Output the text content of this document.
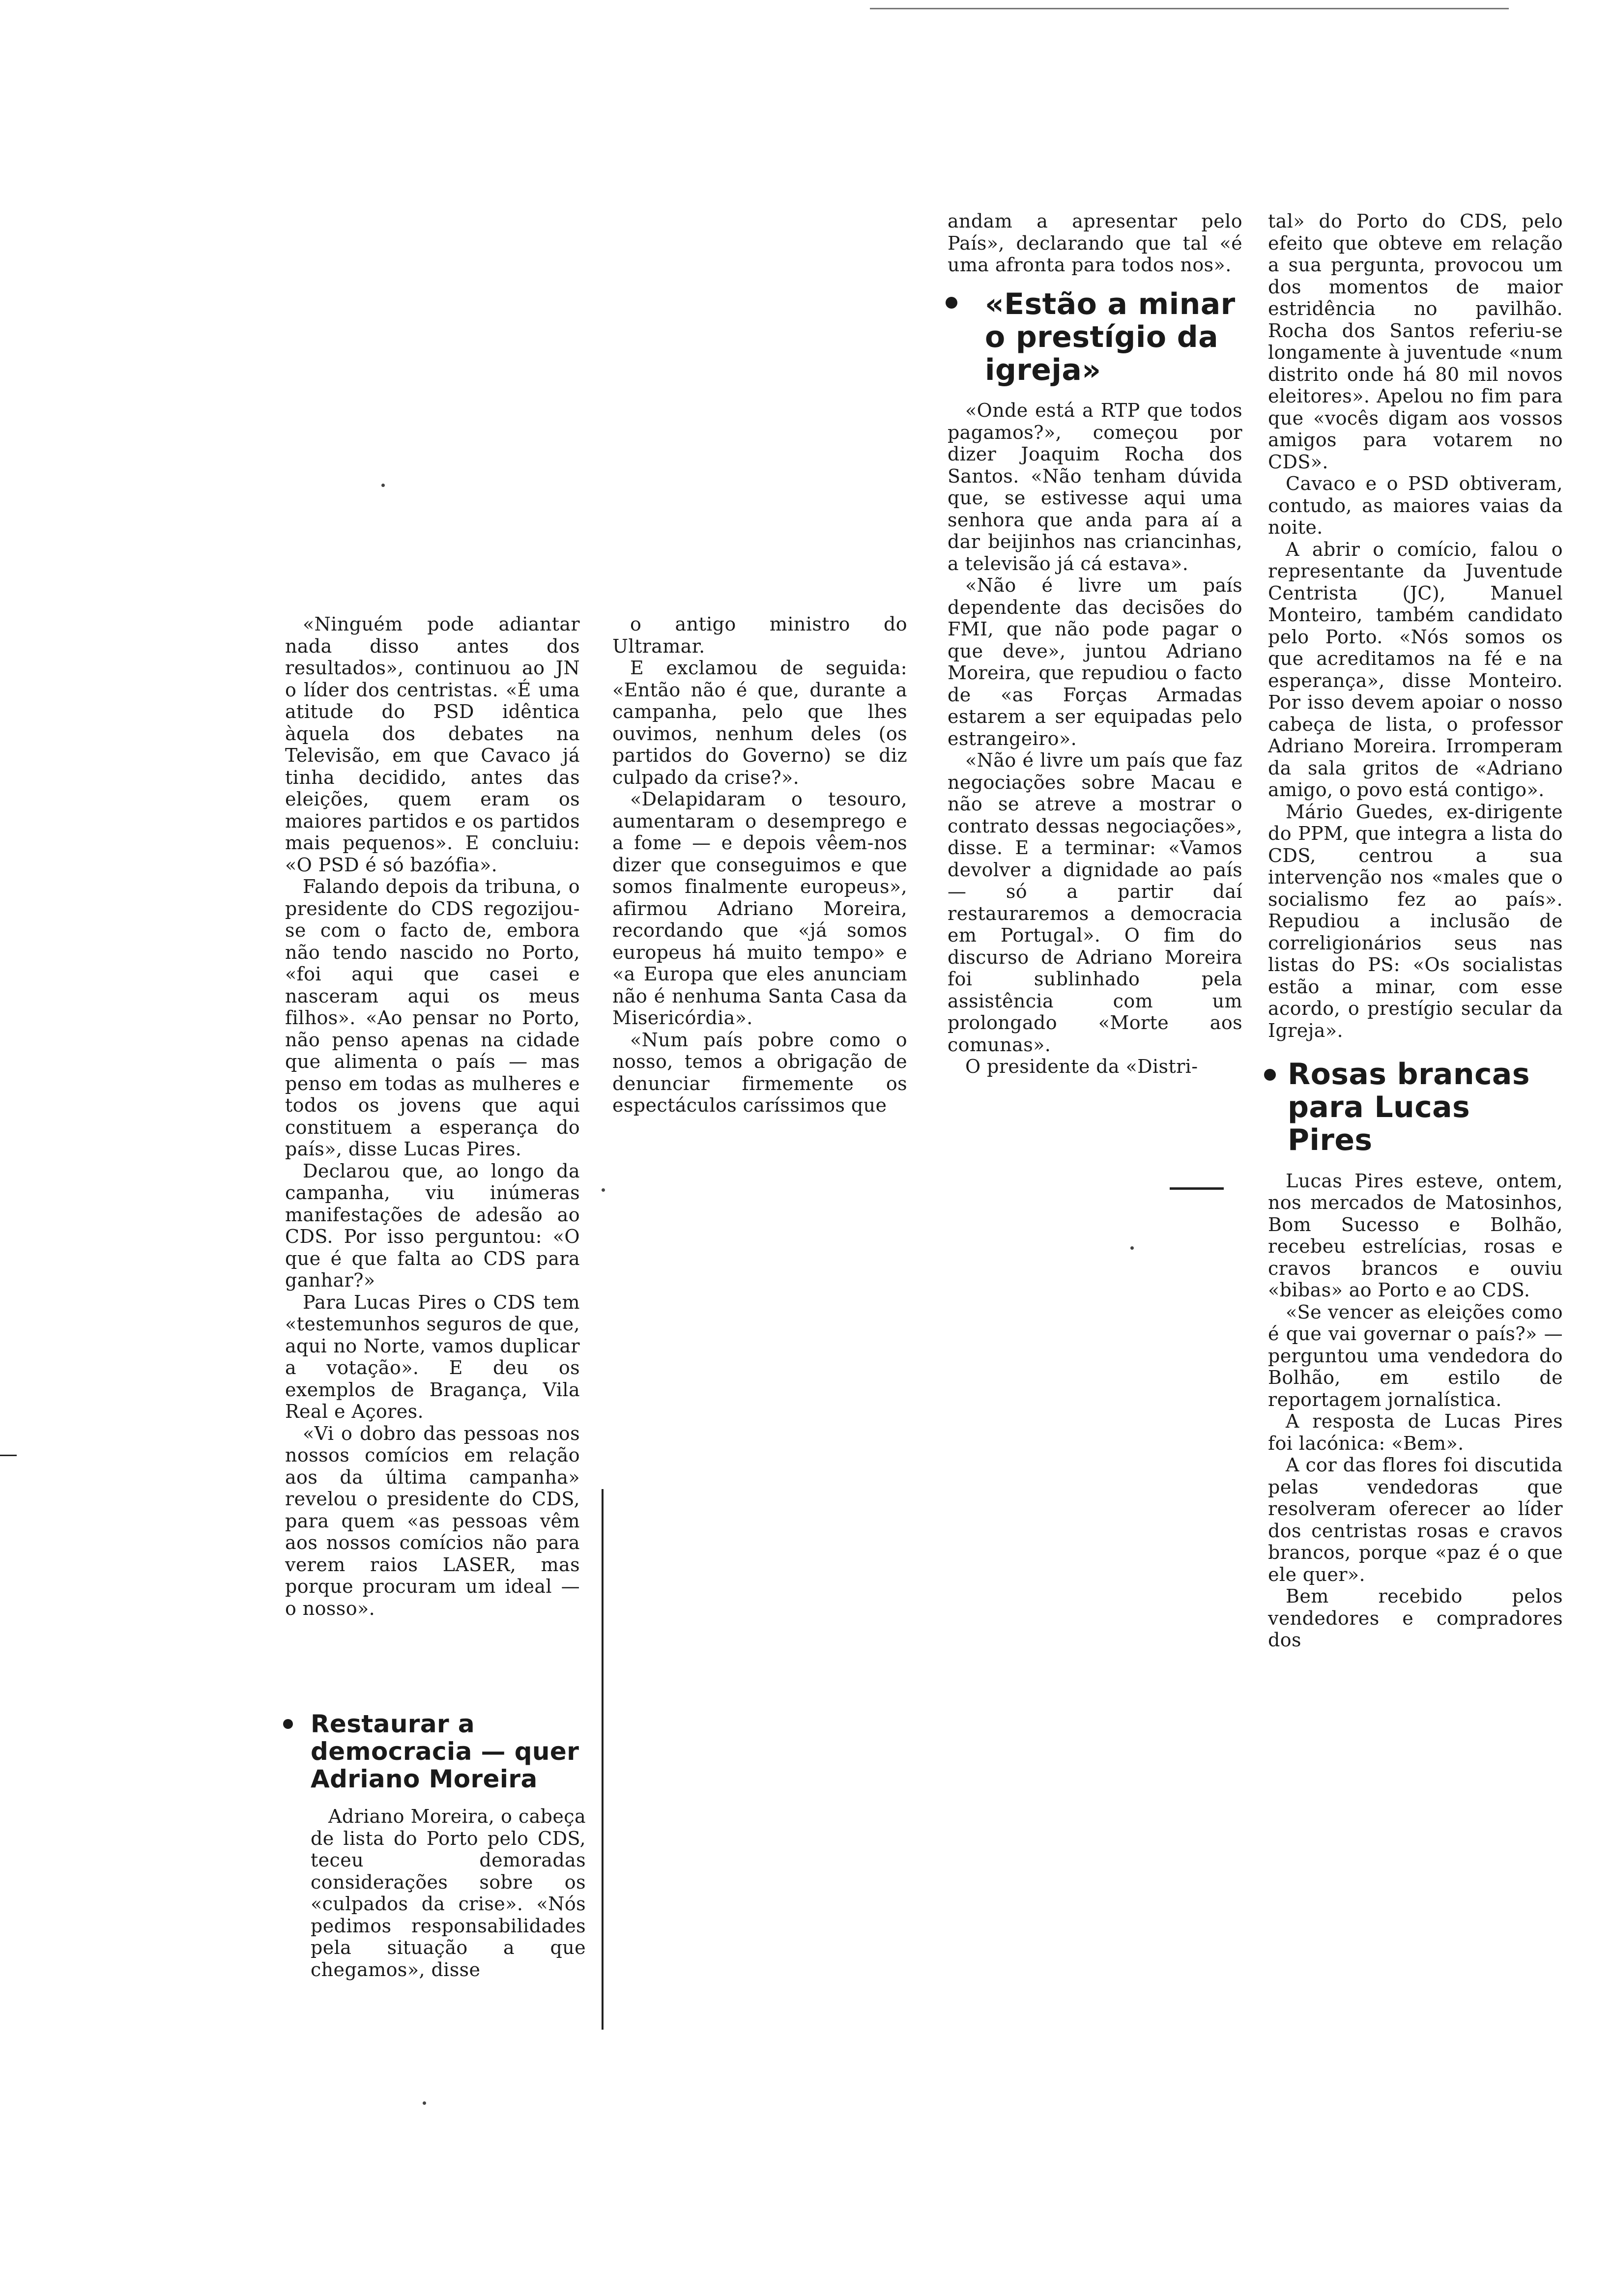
«Ninguém pode adiantar nada disso antes dos resultados», continuou ao JN o líder dos centristas. «É uma atitude do PSD idêntica àquela dos debates na Televisão, em que Cavaco já tinha decidido, antes das eleições, quem eram os maiores partidos e os partidos mais pequenos». E concluiu: «O PSD é só bazófia».

Falando depois da tribuna, o presidente do CDS regozijou-se com o facto de, embora não tendo nascido no Porto, «foi aqui que casei e nasceram aqui os meus filhos». «Ao pensar no Porto, não penso apenas na cidade que alimenta o país — mas penso em todas as mulheres e todos os jovens que aqui constituem a esperança do país», disse Lucas Pires.

Declarou que, ao longo da campanha, viu inúmeras manifestações de adesão ao CDS. Por isso perguntou: «O que é que falta ao CDS para ganhar?»

Para Lucas Pires o CDS tem «testemunhos seguros de que, aqui no Norte, vamos duplicar a votação». E deu os exemplos de Bragança, Vila Real e Açores.

«Vi o dobro das pessoas nos nossos comícios em relação aos da última campanha» revelou o presidente do CDS, para quem «as pessoas vêm aos nossos comícios não para verem raios LASER, mas porque procuram um ideal — o nosso».

o antigo ministro do Ultramar.

E exclamou de seguida: «Então não é que, durante a campanha, pelo que lhes ouvimos, nenhum deles (os partidos do Governo) se diz culpado da crise?».

«Delapidaram o tesouro, aumentaram o desemprego e a fome — e depois vêem-nos dizer que conseguimos e que somos finalmente europeus», afirmou Adriano Moreira, recordando que «já somos europeus há muito tempo» e «a Europa que eles anunciam não é nenhuma Santa Casa da Misericórdia».

«Num país pobre como o nosso, temos a obrigação de denunciar firmemente os espectáculos caríssimos que

Restaurar a democracia — quer Adriano Moreira

Adriano Moreira, o cabeça de lista do Porto pelo CDS, teceu demoradas considerações sobre os «culpados da crise». «Nós pedimos responsabilidades pela situação a que chegamos», disse

andam a apresentar pelo País», declarando que tal «é uma afronta para todos nos».

«Estão a minar o prestígio da igreja»

«Onde está a RTP que todos pagamos?», começou por dizer Joaquim Rocha dos Santos. «Não tenham dúvida que, se estivesse aqui uma senhora que anda para aí a dar beijinhos nas criancinhas, a televisão já cá estava».

«Não é livre um país dependente das decisões do FMI, que não pode pagar o que deve», juntou Adriano Moreira, que repudiou o facto de «as Forças Armadas estarem a ser equipadas pelo estrangeiro».

«Não é livre um país que faz negociações sobre Macau e não se atreve a mostrar o contrato dessas negociações», disse. E a terminar: «Vamos devolver a dignidade ao país — só a partir daí restauraremos a democracia em Portugal». O fim do discurso de Adriano Moreira foi sublinhado pela assistência com um prolongado «Morte aos comunas».

O presidente da «Distri-

tal» do Porto do CDS, pelo efeito que obteve em relação a sua pergunta, provocou um dos momentos de maior estridência no pavilhão. Rocha dos Santos referiu-se longamente à juventude «num distrito onde há 80 mil novos eleitores». Apelou no fim para que «vocês digam aos vossos amigos para votarem no CDS».

Cavaco e o PSD obtiveram, contudo, as maiores vaias da noite.

A abrir o comício, falou o representante da Juventude Centrista (JC), Manuel Monteiro, também candidato pelo Porto. «Nós somos os que acreditamos na fé e na esperança», disse Monteiro. Por isso devem apoiar o nosso cabeça de lista, o professor Adriano Moreira. Irromperam da sala gritos de «Adriano amigo, o povo está contigo».

Mário Guedes, ex-dirigente do PPM, que integra a lista do CDS, centrou a sua intervenção nos «males que o socialismo fez ao país». Repudiou a inclusão de correligionários seus nas listas do PS: «Os socialistas estão a minar, com esse acordo, o prestígio secular da Igreja».

Rosas brancas para Lucas Pires

Lucas Pires esteve, ontem, nos mercados de Matosinhos, Bom Sucesso e Bolhão, recebeu estrelícias, rosas e cravos brancos e ouviu «bibas» ao Porto e ao CDS.

«Se vencer as eleições como é que vai governar o país?» — perguntou uma vendedora do Bolhão, em estilo de reportagem jornalística.

A resposta de Lucas Pires foi lacónica: «Bem».

A cor das flores foi discutida pelas vendedoras que resolveram oferecer ao líder dos centristas rosas e cravos brancos, porque «paz é o que ele quer».

Bem recebido pelos vendedores e compradores dos
